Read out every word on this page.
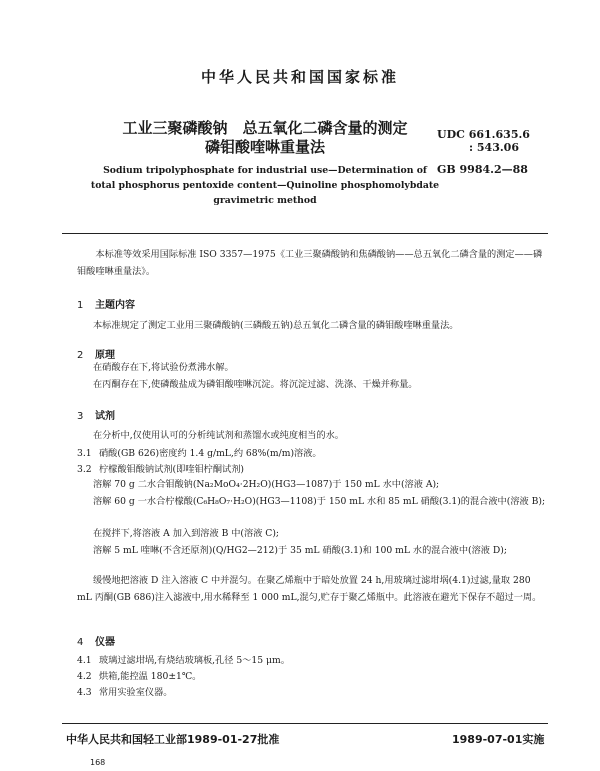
中华人民共和国国家标准
工业三聚磷酸钠　总五氧化二磷含量的测定
磷钼酸喹啉重量法
UDC 661.635.6
: 543.06
GB 9984.2—88
Sodium tripolyphosphate for industrial use—Determination of
total phosphorus pentoxide content—Quinoline phosphomolybdate
gravimetric method
本标准等效采用国际标准 ISO 3357—1975《工业三聚磷酸钠和焦磷酸钠——总五氧化二磷含量的测定——磷钼酸喹啉重量法》。
1 主题内容
本标准规定了测定工业用三聚磷酸钠(三磷酸五钠)总五氧化二磷含量的磷钼酸喹啉重量法。
2 原理
在硝酸存在下,将试验份煮沸水解。
在丙酮存在下,使磷酸盐成为磷钼酸喹啉沉淀。将沉淀过滤、洗涤、干燥并称量。
3 试剂
在分析中,仅使用认可的分析纯试剂和蒸馏水或纯度相当的水。
3.1 硝酸(GB 626)密度约 1.4 g/mL,约 68%(m/m)溶液。
3.2 柠檬酸钼酸钠试剂(即喹钼柠酮试剂)
溶解 70 g 二水合钼酸钠(Na₂MoO₄·2H₂O)(HG3—1087)于 150 mL 水中(溶液 A);
溶解 60 g 一水合柠檬酸(C₆H₈O₇·H₂O)(HG3—1108)于 150 mL 水和 85 mL 硝酸(3.1)的混合液中(溶液 B);
在搅拌下,将溶液 A 加入到溶液 B 中(溶液 C);
溶解 5 mL 喹啉(不含还原剂)(Q/HG2—212)于 35 mL 硝酸(3.1)和 100 mL 水的混合液中(溶液 D);
缓慢地把溶液 D 注入溶液 C 中并混匀。在聚乙烯瓶中于暗处放置 24 h,用玻璃过滤坩埚(4.1)过滤,量取 280 mL 丙酮(GB 686)注入滤液中,用水稀释至 1 000 mL,混匀,贮存于聚乙烯瓶中。此溶液在避光下保存不超过一周。
4 仪器
4.1 玻璃过滤坩埚,有烧结玻璃板,孔径 5～15 μm。
4.2 烘箱,能控温 180±1℃。
4.3 常用实验室仪器。
中华人民共和国轻工业部1989-01-27批准	1989-07-01实施
168
